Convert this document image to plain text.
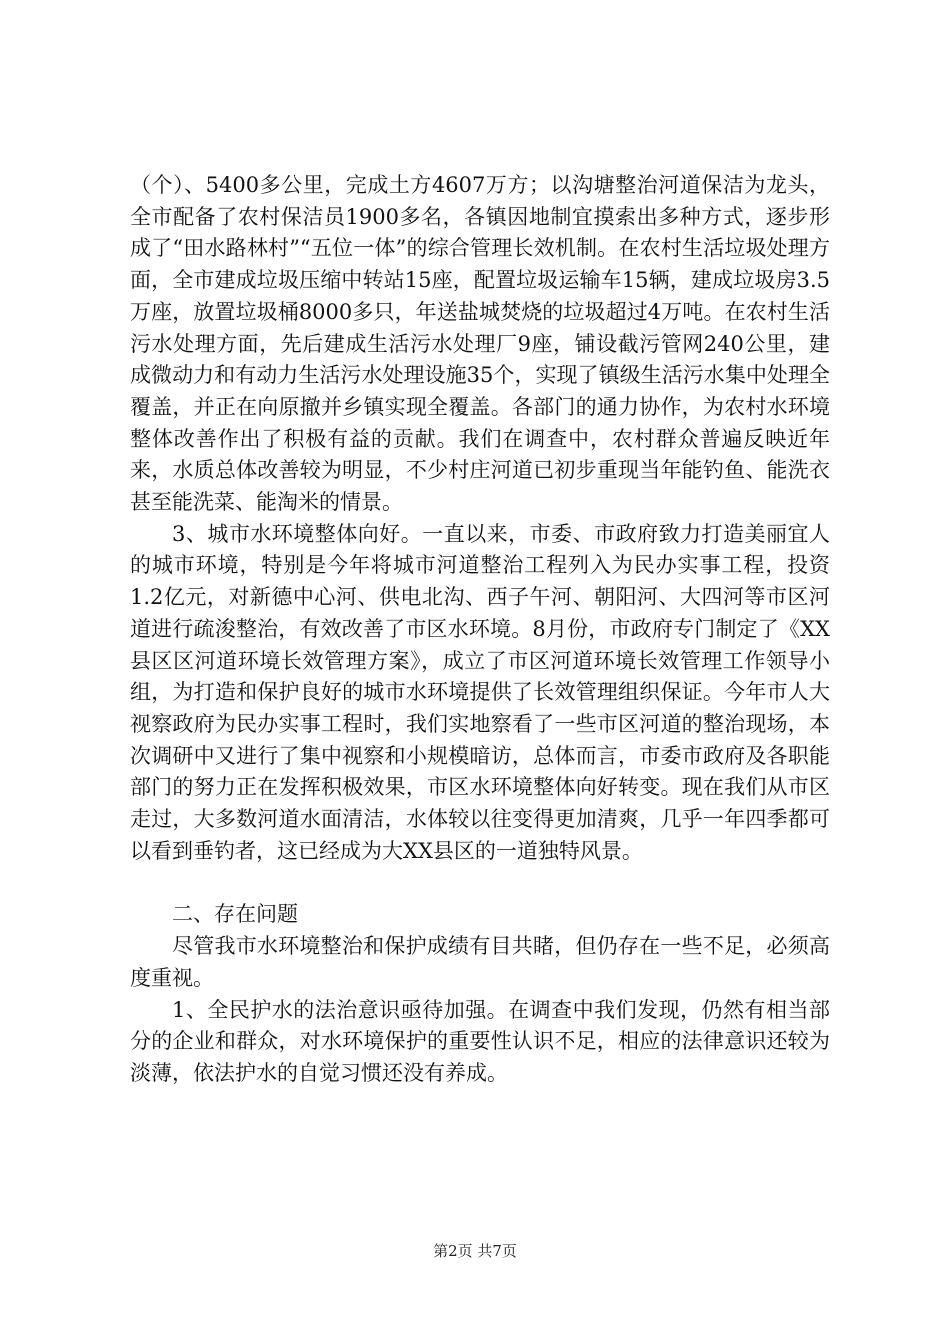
（个）、5400多公里，完成土方4607万方；以沟塘整治河道保洁为龙头，全市配备了农村保洁员1900多名，各镇因地制宜摸索出多种方式，逐步形成了“田水路林村”“五位一体”的综合管理长效机制。在农村生活垃圾处理方面，全市建成垃圾压缩中转站15座，配置垃圾运输车15辆，建成垃圾房3.5万座，放置垃圾桶8000多只，年送盐城焚烧的垃圾超过4万吨。在农村生活污水处理方面，先后建成生活污水处理厂9座，铺设截污管网240公里，建成微动力和有动力生活污水处理设施35个，实现了镇级生活污水集中处理全覆盖，并正在向原撤并乡镇实现全覆盖。各部门的通力协作，为农村水环境整体改善作出了积极有益的贡献。我们在调查中，农村群众普遍反映近年来，水质总体改善较为明显，不少村庄河道已初步重现当年能钓鱼、能洗衣甚至能洗菜、能淘米的情景。

3、城市水环境整体向好。一直以来，市委、市政府致力打造美丽宜人的城市环境，特别是今年将城市河道整治工程列入为民办实事工程，投资1.2亿元，对新德中心河、供电北沟、西子午河、朝阳河、大四河等市区河道进行疏浚整治，有效改善了市区水环境。8月份，市政府专门制定了《XX县区区河道环境长效管理方案》，成立了市区河道环境长效管理工作领导小组，为打造和保护良好的城市水环境提供了长效管理组织保证。今年市人大视察政府为民办实事工程时，我们实地察看了一些市区河道的整治现场，本次调研中又进行了集中视察和小规模暗访，总体而言，市委市政府及各职能部门的努力正在发挥积极效果，市区水环境整体向好转变。现在我们从市区走过，大多数河道水面清洁，水体较以往变得更加清爽，几乎一年四季都可以看到垂钓者，这已经成为大XX县区的一道独特风景。

二、存在问题

尽管我市水环境整治和保护成绩有目共睹，但仍存在一些不足，必须高度重视。

1、全民护水的法治意识亟待加强。在调查中我们发现，仍然有相当部分的企业和群众，对水环境保护的重要性认识不足，相应的法律意识还较为淡薄，依法护水的自觉习惯还没有养成。

第2页 共7页
